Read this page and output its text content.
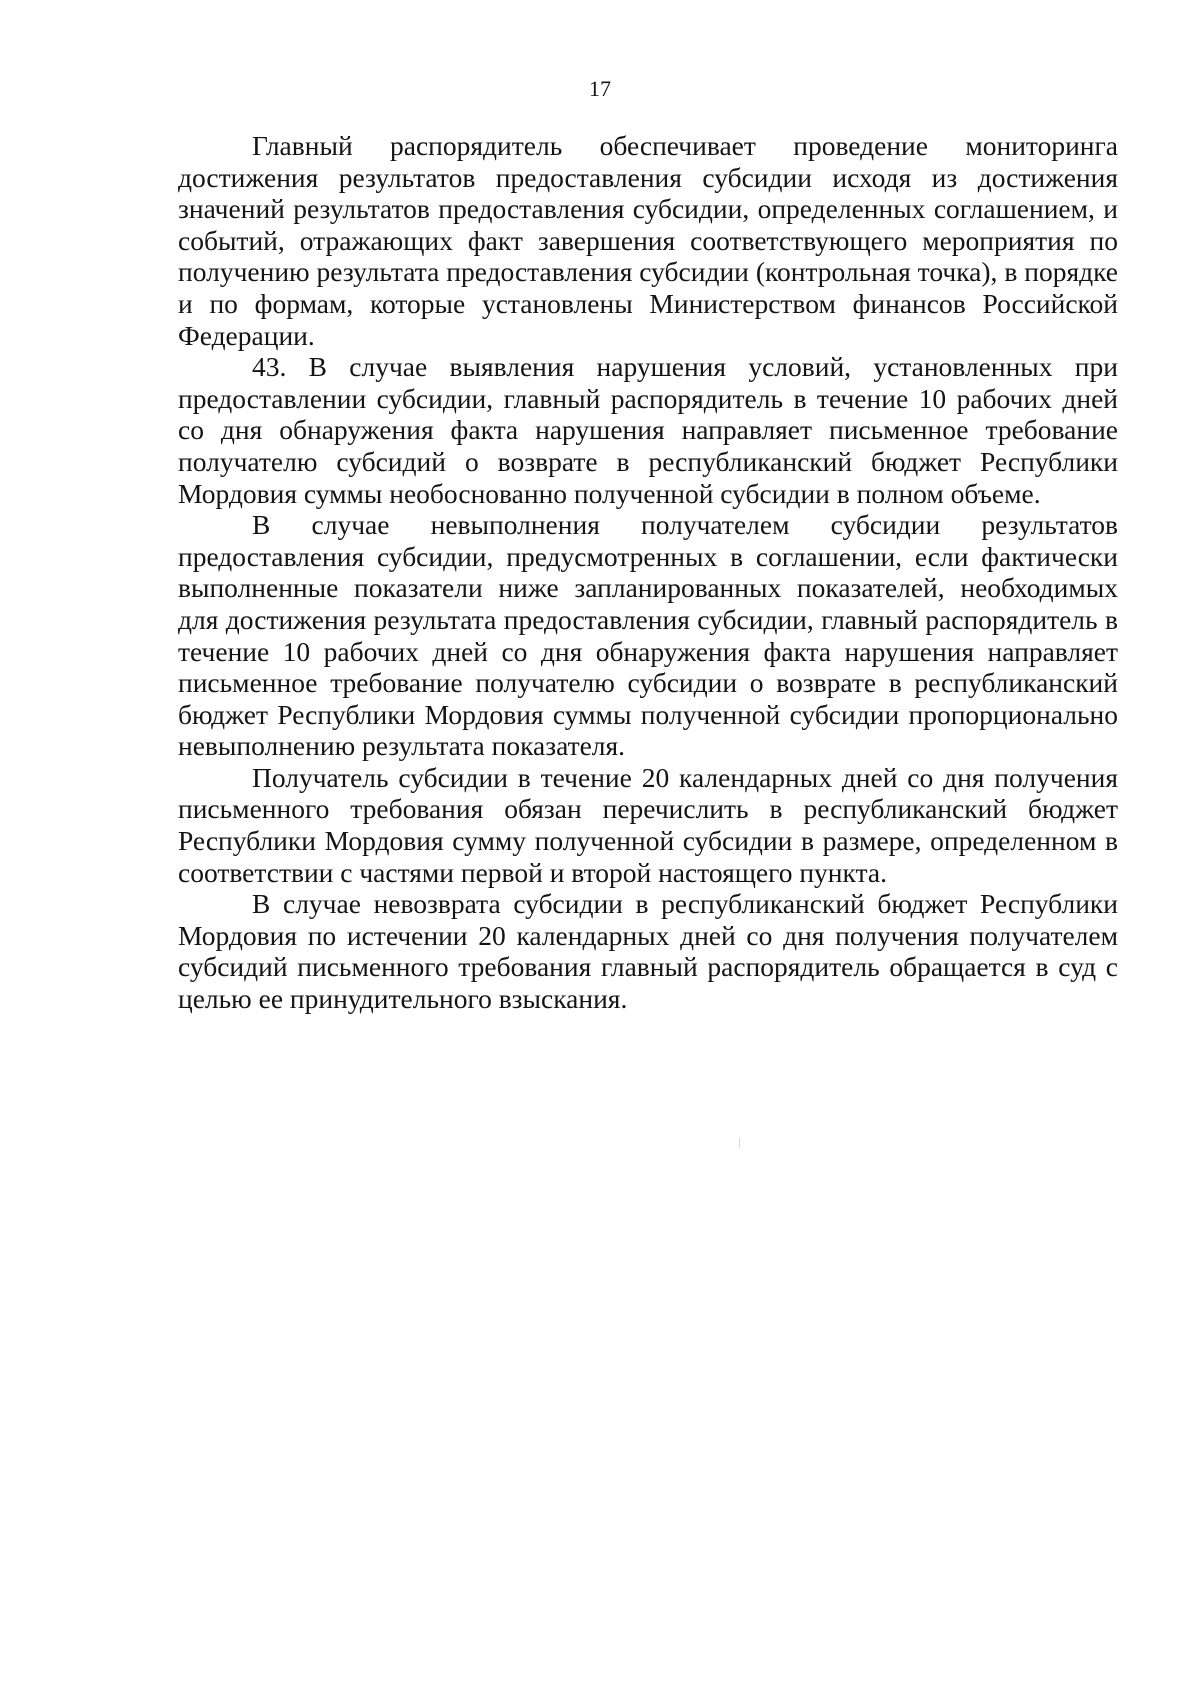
17

Главный распорядитель обеспечивает проведение мониторинга достижения результатов предоставления субсидии исходя из достижения значений результатов предоставления субсидии, определенных соглашением, и событий, отражающих факт завершения соответствующего мероприятия по получению результата предоставления субсидии (контрольная точка), в порядке и по формам, которые установлены Министерством финансов Российской Федерации.

43. В случае выявления нарушения условий, установленных при предоставлении субсидии, главный распорядитель в течение 10 рабочих дней со дня обнаружения факта нарушения направляет письменное требование получателю субсидий о возврате в республиканский бюджет Республики Мордовия суммы необоснованно полученной субсидии в полном объеме.

В случае невыполнения получателем субсидии результатов предоставления субсидии, предусмотренных в соглашении, если фактически выполненные показатели ниже запланированных показателей, необходимых для достижения результата предоставления субсидии, главный распорядитель в течение 10 рабочих дней со дня обнаружения факта нарушения направляет письменное требование получателю субсидии о возврате в республиканский бюджет Республики Мордовия суммы полученной субсидии пропорционально невыполнению результата показателя.

Получатель субсидии в течение 20 календарных дней со дня получения письменного требования обязан перечислить в республиканский бюджет Республики Мордовия сумму полученной субсидии в размере, определенном в соответствии с частями первой и второй настоящего пункта.

В случае невозврата субсидии в республиканский бюджет Республики Мордовия по истечении 20 календарных дней со дня получения получателем субсидий письменного требования главный распорядитель обращается в суд с целью ее принудительного взыскания.
